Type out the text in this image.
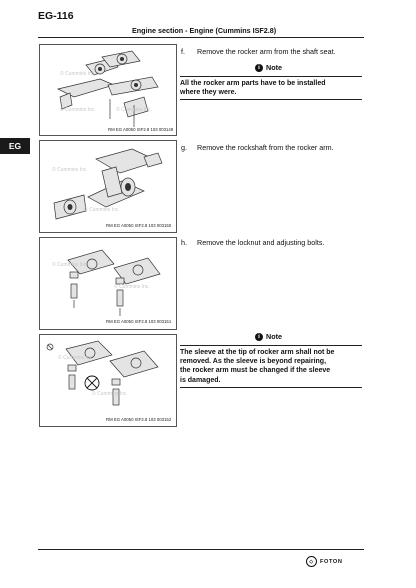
EG-116
Engine section - Engine (Cummins ISF2.8)
EG
© Cummins Inc.
© Cummins Inc.	© Cummins Inc.
RM EG A0050 ISF2.8 103 003149
© Cummins Inc.
© Cummins Inc.
RM EG A0050 ISF2.8 103 003150
© Cummins Inc.
© Cummins Inc.
RM EG A0050 ISF2.8 103 003151
© Cummins Inc.
© Cummins Inc.
RM EG A0050 ISF2.8 103 003152
f. Remove the rocker arm from the shaft seat.
i Note
All the rocker arm parts have to be installed
where they were.
g. Remove the rockshaft from the rocker arm.
h. Remove the locknut and adjusting bolts.
i Note
The sleeve at the tip of rocker arm shall not be
removed. As the sleeve is beyond repairing,
the rocker arm must be changed if the sleeve
is damaged.
◇	FOTON
